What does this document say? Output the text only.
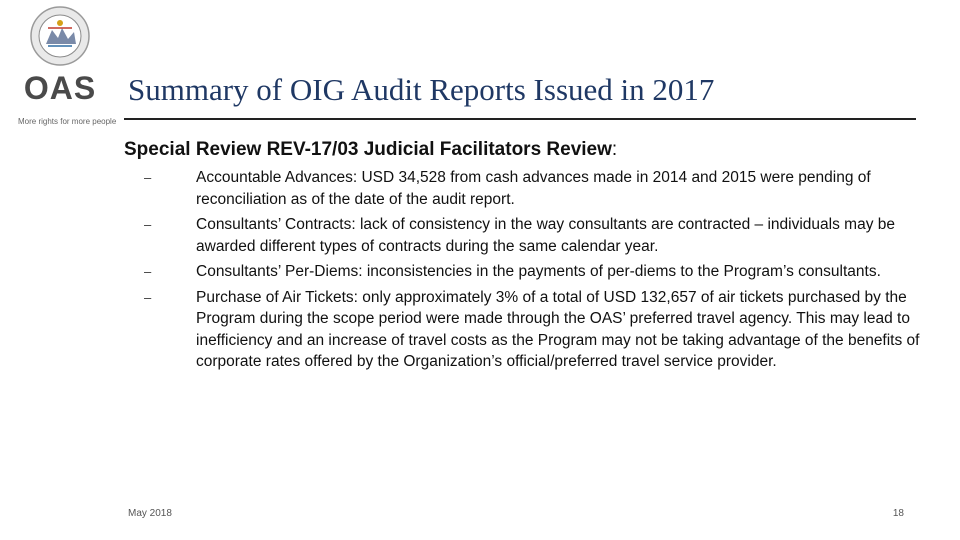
OAS
More rights for more people
Summary of OIG Audit Reports Issued in 2017
Special Review REV-17/03 Judicial Facilitators Review:
–	Accountable Advances: USD 34,528 from cash advances made in 2014 and 2015 were pending of reconciliation as of the date of the audit report.
–	Consultants’ Contracts: lack of consistency in the way consultants are contracted – individuals may be awarded different types of contracts during the same calendar year.
–	Consultants’ Per-Diems: inconsistencies in the payments of per-diems to the Program’s consultants.
–	Purchase of Air Tickets: only approximately 3% of a total of USD 132,657 of air tickets purchased by the Program during the scope period were made through the OAS’ preferred travel agency. This may lead to inefficiency and an increase of travel costs as the Program may not be taking advantage of the benefits of corporate rates offered by the Organization’s official/preferred travel service provider.
May 2018	18
